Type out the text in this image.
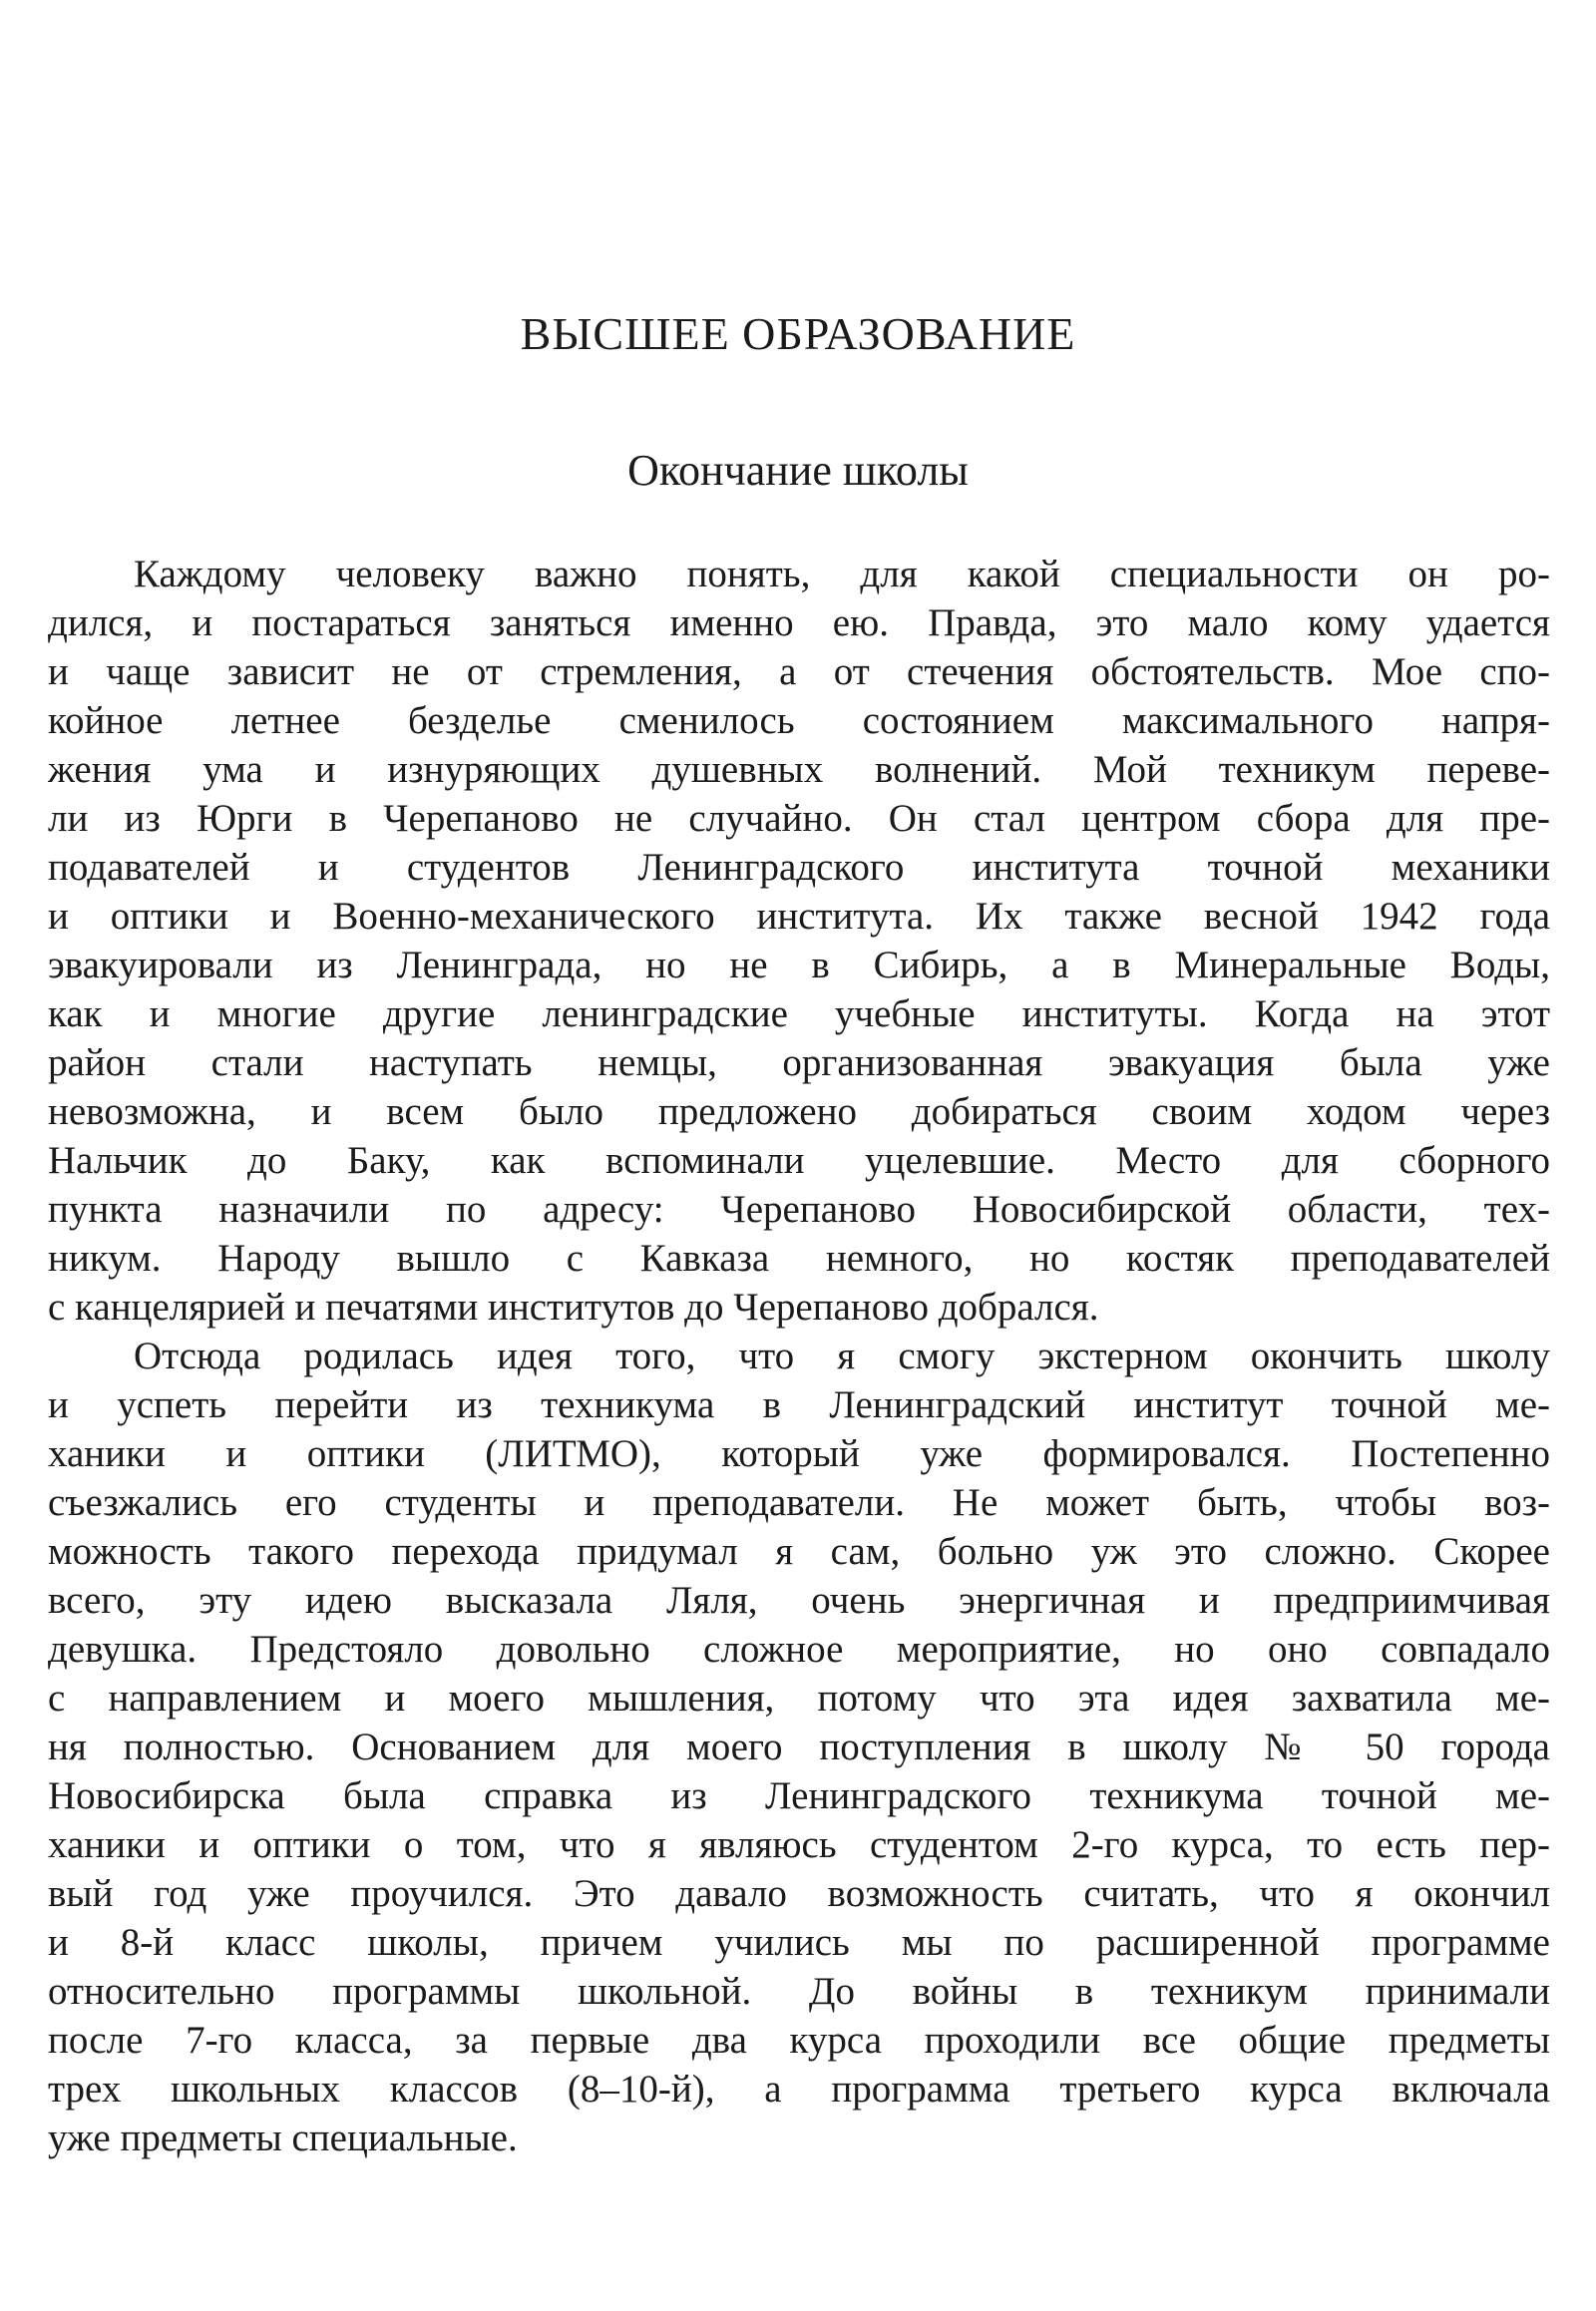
ВЫСШЕЕ ОБРАЗОВАНИЕ
Окончание школы
Каждому человеку важно понять, для какой специальности он ро-
дился, и постараться заняться именно ею. Правда, это мало кому удается
и чаще зависит не от стремления, а от стечения обстоятельств. Мое спо-
койное летнее безделье сменилось состоянием максимального напря-
жения ума и изнуряющих душевных волнений. Мой техникум переве-
ли из Юрги в Черепаново не случайно. Он стал центром сбора для пре-
подавателей и студентов Ленинградского института точной механики
и оптики и Военно-механического института. Их также весной 1942 года
эвакуировали из Ленинграда, но не в Сибирь, а в Минеральные Воды,
как и многие другие ленинградские учебные институты. Когда на этот
район стали наступать немцы, организованная эвакуация была уже
невозможна, и всем было предложено добираться своим ходом через
Нальчик до Баку, как вспоминали уцелевшие. Место для сборного
пункта назначили по адресу: Черепаново Новосибирской области, тех-
никум. Народу вышло с Кавказа немного, но костяк преподавателей
с канцелярией и печатями институтов до Черепаново добрался.
Отсюда родилась идея того, что я смогу экстерном окончить школу
и успеть перейти из техникума в Ленинградский институт точной ме-
ханики и оптики (ЛИТМО), который уже формировался. Постепенно
съезжались его студенты и преподаватели. Не может быть, чтобы воз-
можность такого перехода придумал я сам, больно уж это сложно. Скорее
всего, эту идею высказала Ляля, очень энергичная и предприимчивая
девушка. Предстояло довольно сложное мероприятие, но оно совпадало
с направлением и моего мышления, потому что эта идея захватила ме-
ня полностью. Основанием для моего поступления в школу № 50 города
Новосибирска была справка из Ленинградского техникума точной ме-
ханики и оптики о том, что я являюсь студентом 2-го курса, то есть пер-
вый год уже проучился. Это давало возможность считать, что я окончил
и 8-й класс школы, причем учились мы по расширенной программе
относительно программы школьной. До войны в техникум принимали
после 7-го класса, за первые два курса проходили все общие предметы
трех школьных классов (8–10-й), а программа третьего курса включала
уже предметы специальные.
